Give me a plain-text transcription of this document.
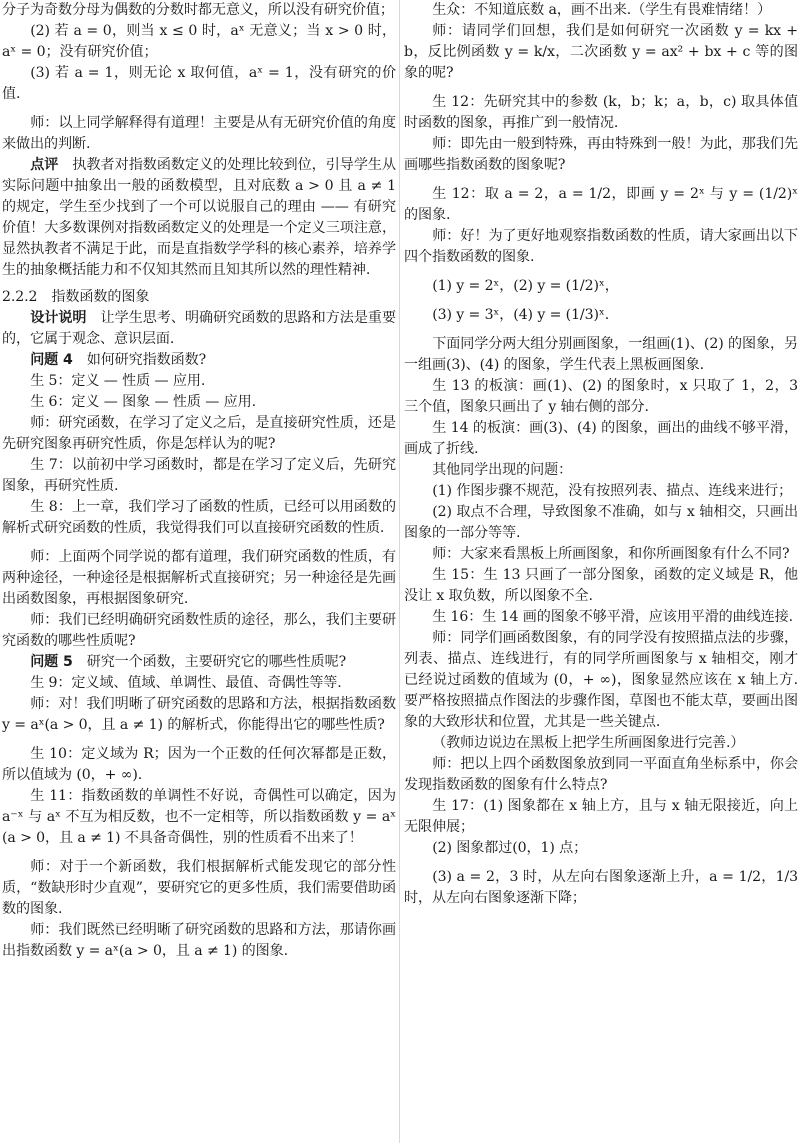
分子为奇数分母为偶数的分数时都无意义，所以没有研究价值；

(2) 若 a = 0，则当 x ≤ 0 时，aˣ 无意义；当 x > 0 时，aˣ = 0；没有研究价值；

(3) 若 a = 1，则无论 x 取何值，aˣ = 1，没有研究的价值.

师：以上同学解释得有道理！主要是从有无研究价值的角度来做出的判断.

点评　执教者对指数函数定义的处理比较到位，引导学生从实际问题中抽象出一般的函数模型，且对底数 a > 0 且 a ≠ 1 的规定，学生至少找到了一个可以说服自己的理由 —— 有研究价值！大多数课例对指数函数定义的处理是一个定义三项注意，显然执教者不满足于此，而是直指数学学科的核心素养，培养学生的抽象概括能力和不仅知其然而且知其所以然的理性精神.

2.2.2　指数函数的图象

设计说明　让学生思考、明确研究函数的思路和方法是重要的，它属于观念、意识层面.

问题 4　如何研究指数函数?

生 5：定义 — 性质 — 应用.

生 6：定义 — 图象 — 性质 — 应用.

师：研究函数，在学习了定义之后，是直接研究性质，还是先研究图象再研究性质，你是怎样认为的呢?

生 7：以前初中学习函数时，都是在学习了定义后，先研究图象，再研究性质.

生 8：上一章，我们学习了函数的性质，已经可以用函数的解析式研究函数的性质，我觉得我们可以直接研究函数的性质.

师：上面两个同学说的都有道理，我们研究函数的性质，有两种途径，一种途径是根据解析式直接研究；另一种途径是先画出函数图象，再根据图象研究.

师：我们已经明确研究函数性质的途径，那么，我们主要研究函数的哪些性质呢?

问题 5　研究一个函数，主要研究它的哪些性质呢?

生 9：定义域、值域、单调性、最值、奇偶性等等.

师：对！我们明晰了研究函数的思路和方法，根据指数函数 y = aˣ(a > 0，且 a ≠ 1) 的解析式，你能得出它的哪些性质?

生 10：定义域为 R；因为一个正数的任何次幂都是正数，所以值域为 (0，+ ∞).

生 11：指数函数的单调性不好说，奇偶性可以确定，因为 a⁻ˣ 与 aˣ 不互为相反数，也不一定相等，所以指数函数 y = aˣ(a > 0，且 a ≠ 1) 不具备奇偶性，别的性质看不出来了！

师：对于一个新函数，我们根据解析式能发现它的部分性质，“数缺形时少直观”，要研究它的更多性质，我们需要借助函数的图象.

师：我们既然已经明晰了研究函数的思路和方法，那请你画出指数函数 y = aˣ(a > 0，且 a ≠ 1) 的图象.

生众：不知道底数 a，画不出来.（学生有畏难情绪！）

师：请同学们回想，我们是如何研究一次函数 y = kx + b，反比例函数 y = k/x，二次函数 y = ax² + bx + c 等的图象的呢?

生 12：先研究其中的参数 (k，b；k；a，b，c) 取具体值时函数的图象，再推广到一般情况.

师：即先由一般到特殊，再由特殊到一般！为此，那我们先画哪些指数函数的图象呢?

生 12：取 a = 2，a = 1/2，即画 y = 2ˣ 与 y = (1/2)ˣ 的图象.

师：好！为了更好地观察指数函数的性质，请大家画出以下四个指数函数的图象.

(1) y = 2ˣ，(2) y = (1/2)ˣ，

(3) y = 3ˣ，(4) y = (1/3)ˣ.

下面同学分两大组分别画图象，一组画(1)、(2) 的图象，另一组画(3)、(4) 的图象，学生代表上黑板画图象.

生 13 的板演：画(1)、(2) 的图象时，x 只取了 1，2，3 三个值，图象只画出了 y 轴右侧的部分.

生 14 的板演：画(3)、(4) 的图象，画出的曲线不够平滑，画成了折线.

其他同学出现的问题：

(1) 作图步骤不规范，没有按照列表、描点、连线来进行；

(2) 取点不合理，导致图象不准确，如与 x 轴相交，只画出图象的一部分等等.

师：大家来看黑板上所画图象，和你所画图象有什么不同?

生 15：生 13 只画了一部分图象，函数的定义域是 R，他没让 x 取负数，所以图象不全.

生 16：生 14 画的图象不够平滑，应该用平滑的曲线连接.

师：同学们画函数图象，有的同学没有按照描点法的步骤，列表、描点、连线进行，有的同学所画图象与 x 轴相交，刚才已经说过函数的值域为 (0，+ ∞)，图象显然应该在 x 轴上方.要严格按照描点作图法的步骤作图，草图也不能太草，要画出图象的大致形状和位置，尤其是一些关键点.

（教师边说边在黑板上把学生所画图象进行完善.）

师：把以上四个函数图象放到同一平面直角坐标系中，你会发现指数函数的图象有什么特点?

生 17：(1) 图象都在 x 轴上方，且与 x 轴无限接近，向上无限伸展；

(2) 图象都过(0，1) 点；

(3) a = 2，3 时，从左向右图象逐渐上升，a = 1/2，1/3 时，从左向右图象逐渐下降；
